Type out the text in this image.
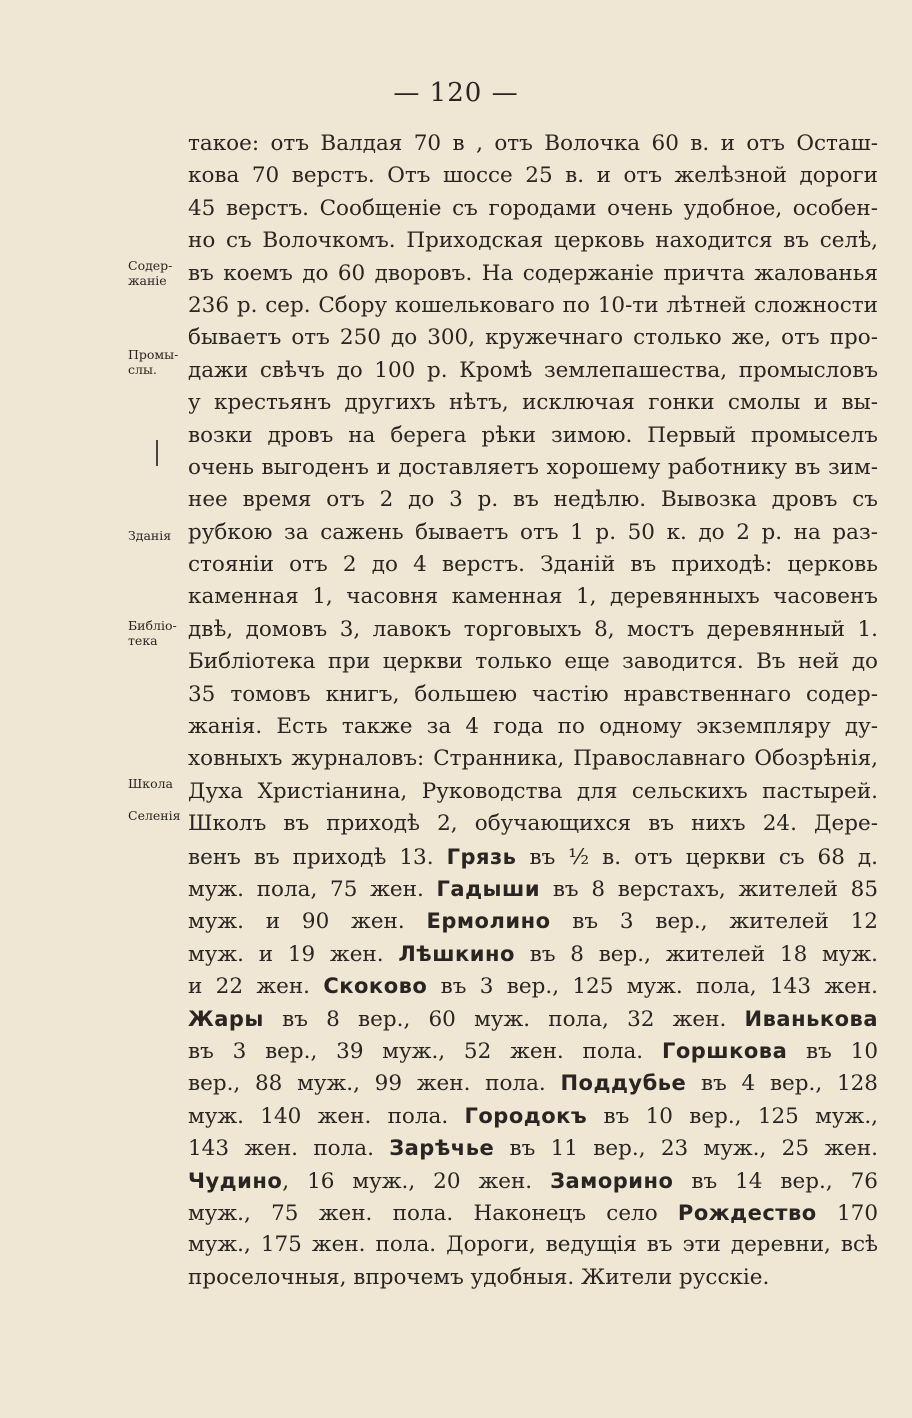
— 120 —
Содер-
жаніе
Промы-
слы.
Зданія
Библіо-
тека
Школа
Селенія
такое: отъ Валдая 70 в , отъ Волочка 60 в. и отъ Осташ-
кова 70 верстъ. Отъ шоссе 25 в. и отъ желѣзной дороги
45 верстъ. Сообщеніе съ городами очень удобное, особен-
но съ Волочкомъ. Приходская церковь находится въ селѣ,
въ коемъ до 60 дворовъ. На содержаніе причта жалованья
236 р. сер. Сбору кошельковаго по 10-ти лѣтней сложности
бываетъ отъ 250 до 300, кружечнаго столько же, отъ про-
дажи свѣчъ до 100 р. Кромѣ землепашества, промысловъ
у крестьянъ другихъ нѣтъ, исключая гонки смолы и вы-
возки дровъ на берега рѣки зимою. Первый промыселъ
очень выгоденъ и доставляетъ хорошему работнику въ зим-
нее время отъ 2 до 3 р. въ недѣлю. Вывозка дровъ съ
рубкою за сажень бываетъ отъ 1 р. 50 к. до 2 р. на раз-
стояніи отъ 2 до 4 верстъ. Зданій въ приходѣ: церковь
каменная 1, часовня каменная 1, деревянныхъ часовенъ
двѣ, домовъ 3, лавокъ торговыхъ 8, мостъ деревянный 1.
Библіотека при церкви только еще заводится. Въ ней до
35 томовъ книгъ, большею частію нравственнаго содер-
жанія. Есть также за 4 года по одному экземпляру ду-
ховныхъ журналовъ: Странника, Православнаго Обозрѣнія,
Духа Христіанина, Руководства для сельскихъ пастырей.
Школъ въ приходѣ 2, обучающихся въ нихъ 24. Дере-
венъ въ приходѣ 13. Грязь въ ½ в. отъ церкви съ 68 д.
муж. пола, 75 жен. Гадыши въ 8 верстахъ, жителей 85
муж. и 90 жен. Ермолино въ 3 вер., жителей 12
муж. и 19 жен. Лѣшкино въ 8 вер., жителей 18 муж.
и 22 жен. Скоково въ 3 вер., 125 муж. пола, 143 жен.
Жары въ 8 вер., 60 муж. пола, 32 жен. Иванькова
въ 3 вер., 39 муж., 52 жен. пола. Горшкова въ 10
вер., 88 муж., 99 жен. пола. Поддубье въ 4 вер., 128
муж. 140 жен. пола. Городокъ въ 10 вер., 125 муж.,
143 жен. пола. Зарѣчье въ 11 вер., 23 муж., 25 жен.
Чудино, 16 муж., 20 жен. Заморино въ 14 вер., 76
муж., 75 жен. пола. Наконецъ село Рождество 170
муж., 175 жен. пола. Дороги, ведущія въ эти деревни, всѣ
проселочныя, впрочемъ удобныя. Жители русскіе.
